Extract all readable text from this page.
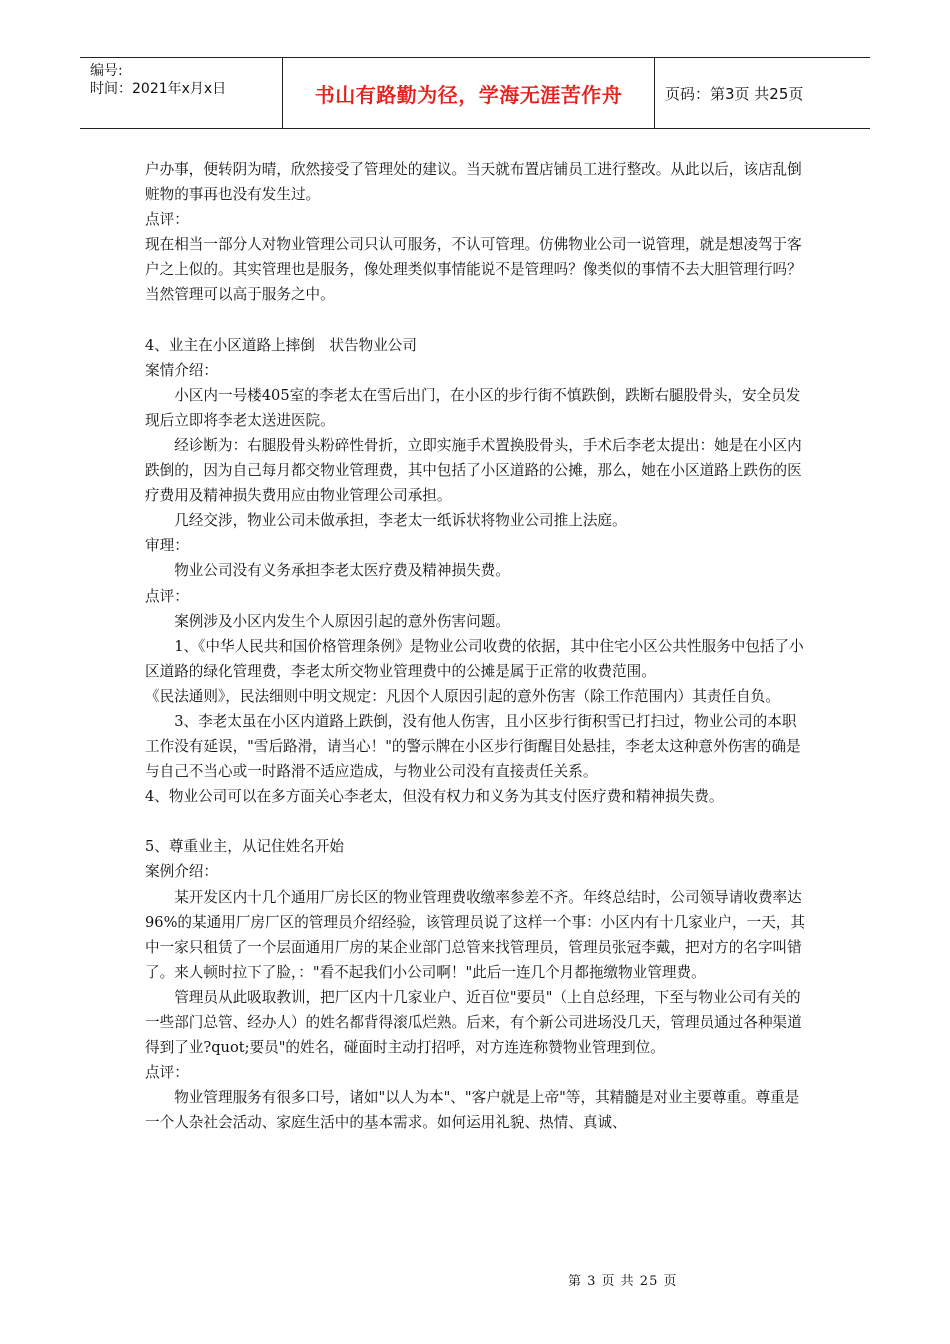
编号:
时间：2021年x月x日	书山有路勤为径，学海无涯苦作舟	页码：第3页 共25页

户办事，便转阴为晴，欣然接受了管理处的建议。当天就布置店铺员工进行整改。从此以后，该店乱倒赃物的事再也没有发生过。

点评：

现在相当一部分人对物业管理公司只认可服务，不认可管理。仿佛物业公司一说管理，就是想凌驾于客户之上似的。其实管理也是服务，像处理类似事情能说不是管理吗？像类似的事情不去大胆管理行吗？当然管理可以高于服务之中。

4、业主在小区道路上摔倒　状告物业公司

案情介绍：

小区内一号楼405室的李老太在雪后出门，在小区的步行街不慎跌倒，跌断右腿股骨头，安全员发现后立即将李老太送进医院。

经诊断为：右腿股骨头粉碎性骨折，立即实施手术置换股骨头，手术后李老太提出：她是在小区内跌倒的，因为自己每月都交物业管理费，其中包括了小区道路的公摊，那么，她在小区道路上跌伤的医疗费用及精神损失费用应由物业管理公司承担。

几经交涉，物业公司未做承担，李老太一纸诉状将物业公司推上法庭。

审理：

物业公司没有义务承担李老太医疗费及精神损失费。

点评：

案例涉及小区内发生个人原因引起的意外伤害问题。

1、《中华人民共和国价格管理条例》是物业公司收费的依据，其中住宅小区公共性服务中包括了小区道路的绿化管理费，李老太所交物业管理费中的公摊是属于正常的收费范围。

《民法通则》，民法细则中明文规定：凡因个人原因引起的意外伤害（除工作范围内）其责任自负。

3、李老太虽在小区内道路上跌倒，没有他人伤害，且小区步行街积雪已打扫过，物业公司的本职工作没有延误，"雪后路滑，请当心！"的警示牌在小区步行街醒目处悬挂，李老太这种意外伤害的确是与自己不当心或一时路滑不适应造成，与物业公司没有直接责任关系。

4、物业公司可以在多方面关心李老太，但没有权力和义务为其支付医疗费和精神损失费。

5、尊重业主，从记住姓名开始

案例介绍：

某开发区内十几个通用厂房长区的物业管理费收缴率参差不齐。年终总结时，公司领导请收费率达96%的某通用厂房厂区的管理员介绍经验，该管理员说了这样一个事：小区内有十几家业户，一天，其中一家只租赁了一个层面通用厂房的某企业部门总管来找管理员，管理员张冠李戴，把对方的名字叫错了。来人顿时拉下了脸，："看不起我们小公司啊！"此后一连几个月都拖缴物业管理费。

管理员从此吸取教训，把厂区内十几家业户、近百位"要员"（上自总经理，下至与物业公司有关的一些部门总管、经办人）的姓名都背得滚瓜烂熟。后来，有个新公司进场没几天，管理员通过各种渠道得到了业?quot;要员"的姓名，碰面时主动打招呼，对方连连称赞物业管理到位。

点评：

物业管理服务有很多口号，诸如"以人为本"、"客户就是上帝"等，其精髓是对业主要尊重。尊重是一个人杂社会活动、家庭生活中的基本需求。如何运用礼貌、热情、真诚、

第 3 页 共 25 页
